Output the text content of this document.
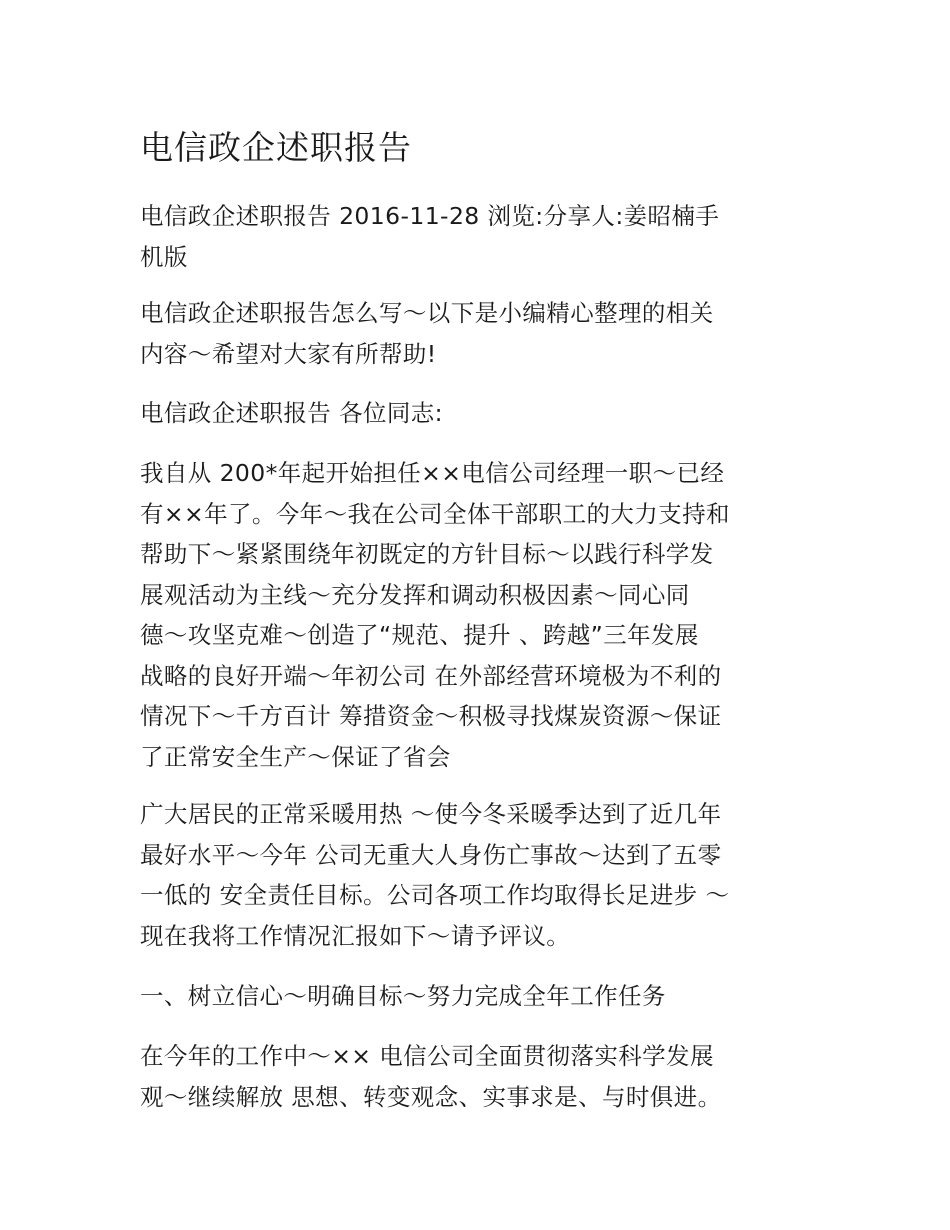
电信政企述职报告

电信政企述职报告 2016-11-28 浏览:分享人:姜昭楠手
机版

电信政企述职报告怎么写～以下是小编精心整理的相关
内容～希望对大家有所帮助!

电信政企述职报告 各位同志:

我自从 200*年起开始担任××电信公司经理一职～已经
有××年了。今年～我在公司全体干部职工的大力支持和
帮助下～紧紧围绕年初既定的方针目标～以践行科学发
展观活动为主线～充分发挥和调动积极因素～同心同
德～攻坚克难～创造了“规范、提升 、跨越”三年发展
战略的良好开端～年初公司 在外部经营环境极为不利的
情况下～千方百计 筹措资金～积极寻找煤炭资源～保证
了正常安全生产～保证了省会

广大居民的正常采暖用热 ～使今冬采暖季达到了近几年
最好水平～今年 公司无重大人身伤亡事故～达到了五零
一低的 安全责任目标。公司各项工作均取得长足进步 ～
现在我将工作情况汇报如下～请予评议。

一、树立信心～明确目标～努力完成全年工作任务

在今年的工作中～×× 电信公司全面贯彻落实科学发展
观～继续解放 思想、转变观念、实事求是、与时俱进。
